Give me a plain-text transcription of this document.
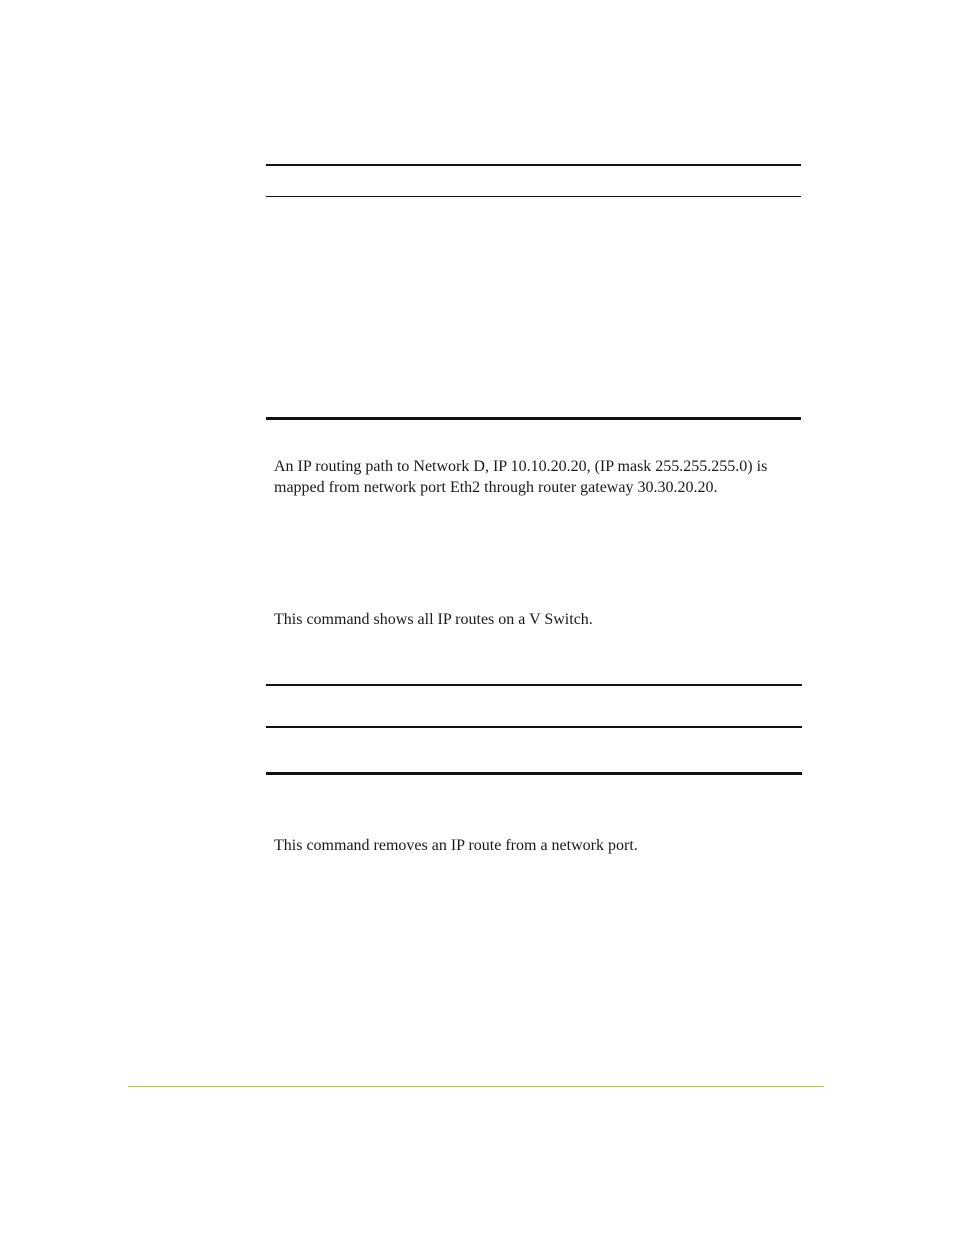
An IP routing path to Network D, IP 10.10.20.20, (IP mask 255.255.255.0) is mapped from network port Eth2 through router gateway 30.30.20.20.

This command shows all IP routes on a V Switch.

This command removes an IP route from a network port.
